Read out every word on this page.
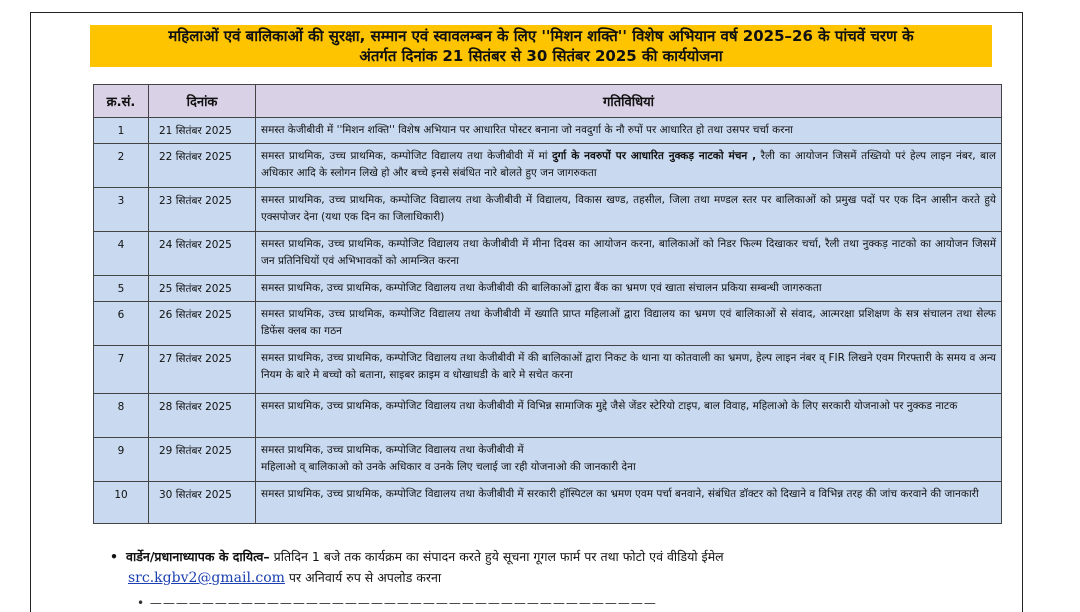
महिलाओं एवं बालिकाओं की सुरक्षा, सम्मान एवं स्वावलम्बन के लिए ''मिशन शक्ति'' विशेष अभियान वर्ष 2025–26 के पांचवें चरण के
अंतर्गत दिनांक 21 सितंबर से 30 सितंबर 2025 की कार्ययोजना
क्र.सं.	दिनांक	गतिविधियां
1	21 सितंबर 2025	समस्त केजीबीवी में ''मिशन शक्ति'' विशेष अभियान पर आधारित पोस्टर बनाना जो नवदुर्गा के नौ रुपों पर आधारित हो तथा उसपर चर्चा करना
2	22 सितंबर 2025	समस्त प्राथमिक, उच्च प्राथमिक, कम्पोजिट विद्यालय तथा केजीबीवी में मां दुर्गा के नवरुपों पर आधारित नुक्कड़ नाटको मंचन , रैली का आयोजन जिसमें तख्तियो परं हेल्प लाइन नंबर, बाल अधिकार आदि के स्लोगन लिखे हो और बच्चे इनसे संबंधित नारे बोलते हुए जन जागरुकता
3	23 सितंबर 2025	समस्त प्राथमिक, उच्च प्राथमिक, कम्पोजिट विद्यालय तथा केजीबीवी में विद्यालय, विकास खण्ड, तहसील, जिला तथा मण्डल स्तर पर बालिकाओं को प्रमुख पदों पर एक दिन आसीन करते हुये एक्सपोजर देना (यथा एक दिन का जिलाधिकारी)
4	24 सितंबर 2025	समस्त प्राथमिक, उच्च प्राथमिक, कम्पोजिट विद्यालय तथा केजीबीवी में मीना दिवस का आयोजन करना, बालिकाओं को निडर फिल्म दिखाकर चर्चा, रैली तथा नुक्कड़ नाटको का आयोजन जिसमें जन प्रतिनिधियों एवं अभिभावकों को आमन्त्रित करना
5	25 सितंबर 2025	समस्त प्राथमिक, उच्च प्राथमिक, कम्पोजिट विद्यालय तथा केजीबीवी की बालिकाओं द्वारा बैंक का भ्रमण एवं खाता संचालन प्रकिया सम्बन्धी जागरुकता
6	26 सितंबर 2025	समस्त प्राथमिक, उच्च प्राथमिक, कम्पोजिट विद्यालय तथा केजीबीवी में ख्याति प्राप्त महिलाओं द्वारा विद्यालय का भ्रमण एवं बालिकाओं से संवाद, आत्मरक्षा प्रशिक्षण के सत्र संचालन तथा सेल्फ डिफेंस क्लब का गठन
7	27 सितंबर 2025	समस्त प्राथमिक, उच्च प्राथमिक, कम्पोजिट विद्यालय तथा केजीबीवी में की बालिकाओं द्वारा निकट के थाना या कोतवाली का भ्रमण, हेल्प लाइन नंबर व् FIR लिखने एवम गिरफ्तारी के समय व अन्य नियम के बारे मे बच्चो को बताना, साइबर क्राइम व धोखाधडी के बारे मे सचेत करना
8	28 सितंबर 2025	समस्त प्राथमिक, उच्च प्राथमिक, कम्पोजिट विद्यालय तथा केजीबीवी में विभिन्न सामाजिक मुद्दे जैसे जेंडर स्टेरियो टाइप, बाल विवाह, महिलाओ के लिए सरकारी योजनाओ पर नुक्कड नाटक
9	29 सितंबर 2025	समस्त प्राथमिक, उच्च प्राथमिक, कम्पोजिट विद्यालय तथा केजीबीवी में
महिलाओ व् बालिकाओ को उनके अधिकार व उनके लिए चलाई जा रही योजनाओ की जानकारी देना

10	30 सितंबर 2025	समस्त प्राथमिक, उच्च प्राथमिक, कम्पोजिट विद्यालय तथा केजीबीवी में सरकारी हॉस्पिटल का भ्रमण एवम पर्चा बनवाने, संबंधित डॉक्टर को दिखाने व विभिन्न तरह की जांच करवाने की जानकारी
• वार्डेन/प्रधानाध्यापक के दायित्व– प्रतिदिन 1 बजे तक कार्यक्रम का संपादन करते हुये सूचना गूगल फार्म पर तथा फोटो एवं वीडियो ईमेल
src.kgbv2@gmail.com पर अनिवार्य रुप से अपलोड करना
• ———————————————————————————————————————
